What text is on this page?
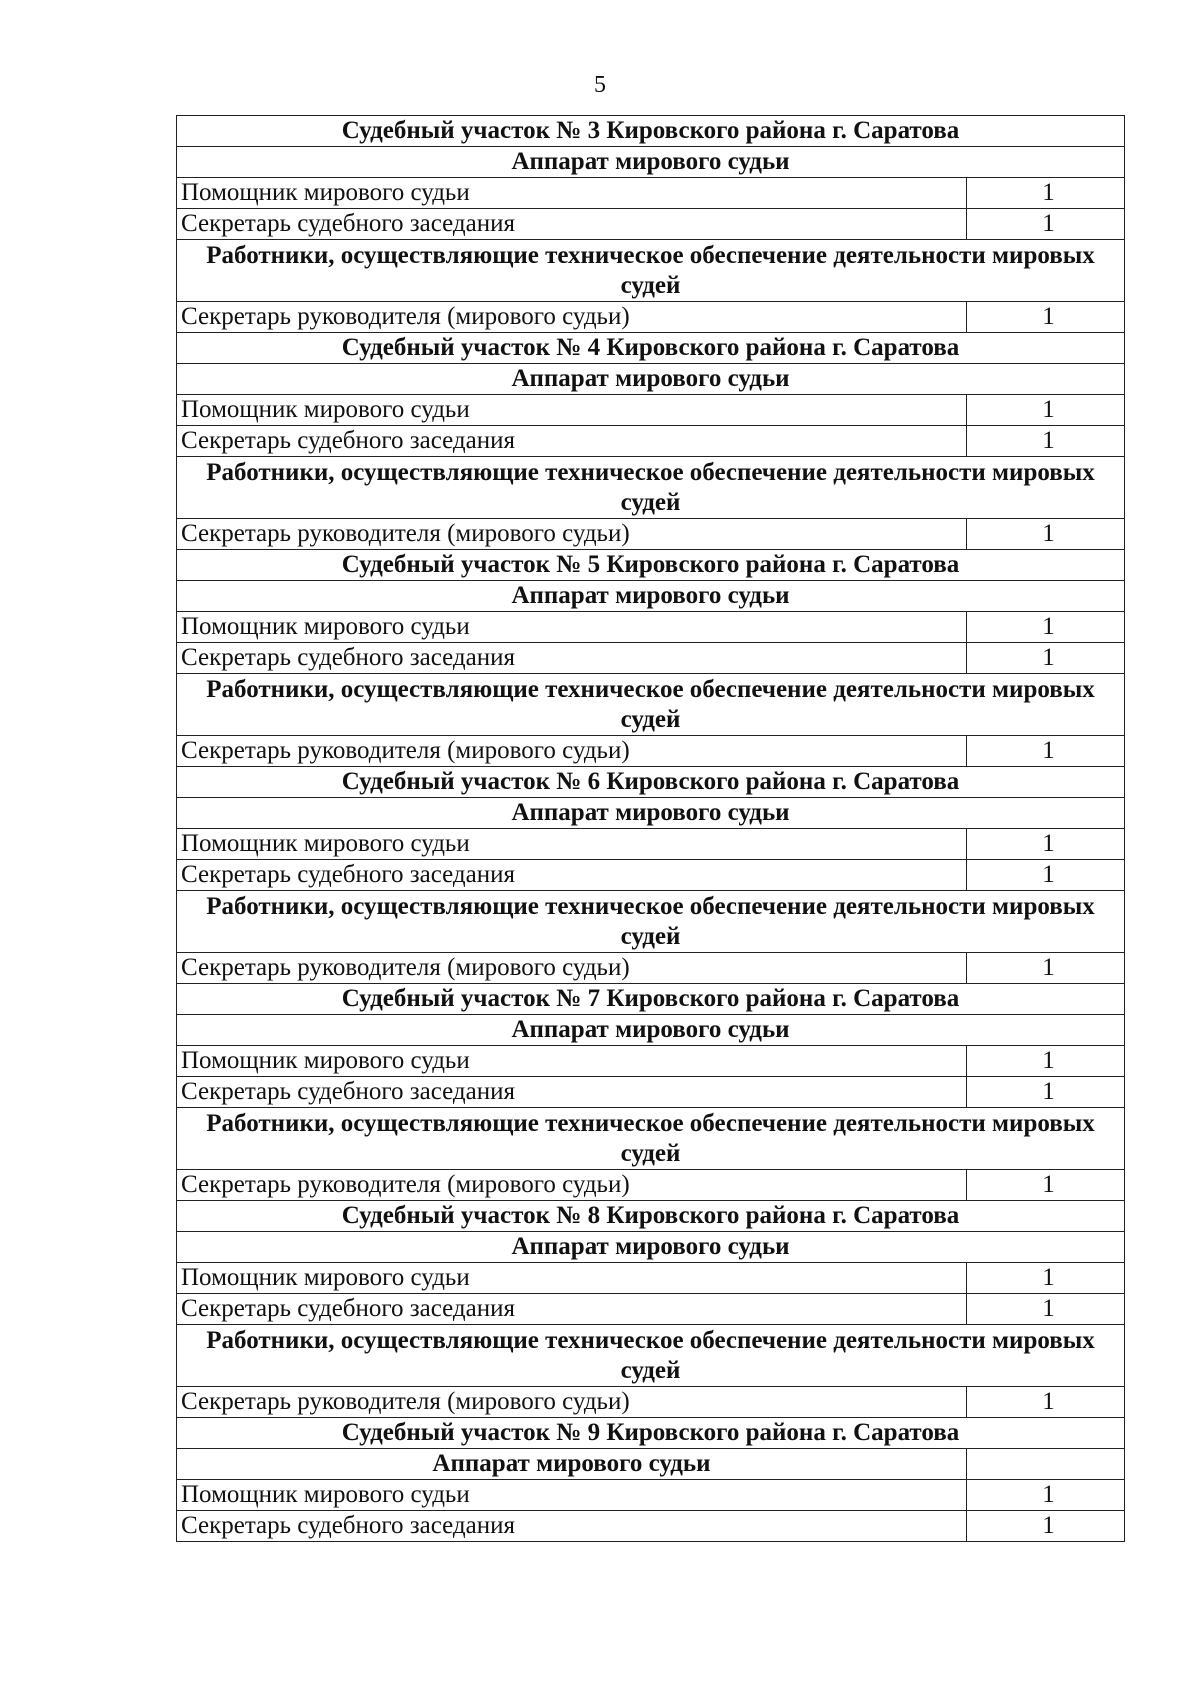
5
Судебный участок № 3 Кировского района г. Саратова	
Аппарат мирового судьи	
Помощник мирового судьи	1
Секретарь судебного заседания	1
Работники, осуществляющие техническое обеспечение деятельности мировых судей	
Секретарь руководителя (мирового судьи)	1
Судебный участок № 4 Кировского района г. Саратова	
Аппарат мирового судьи	
Помощник мирового судьи	1
Секретарь судебного заседания	1
Работники, осуществляющие техническое обеспечение деятельности мировых судей	
Секретарь руководителя (мирового судьи)	1
Судебный участок № 5 Кировского района г. Саратова	
Аппарат мирового судьи	
Помощник мирового судьи	1
Секретарь судебного заседания	1
Работники, осуществляющие техническое обеспечение деятельности мировых судей	
Секретарь руководителя (мирового судьи)	1
Судебный участок № 6 Кировского района г. Саратова	
Аппарат мирового судьи	
Помощник мирового судьи	1
Секретарь судебного заседания	1
Работники, осуществляющие техническое обеспечение деятельности мировых судей	
Секретарь руководителя (мирового судьи)	1
Судебный участок № 7 Кировского района г. Саратова	
Аппарат мирового судьи	
Помощник мирового судьи	1
Секретарь судебного заседания	1
Работники, осуществляющие техническое обеспечение деятельности мировых судей	
Секретарь руководителя (мирового судьи)	1
Судебный участок № 8 Кировского района г. Саратова	
Аппарат мирового судьи	
Помощник мирового судьи	1
Секретарь судебного заседания	1
Работники, осуществляющие техническое обеспечение деятельности мировых судей	
Секретарь руководителя (мирового судьи)	1
Судебный участок № 9 Кировского района г. Саратова	
Аппарат мирового судьи	
Помощник мирового судьи	1
Секретарь судебного заседания	1
